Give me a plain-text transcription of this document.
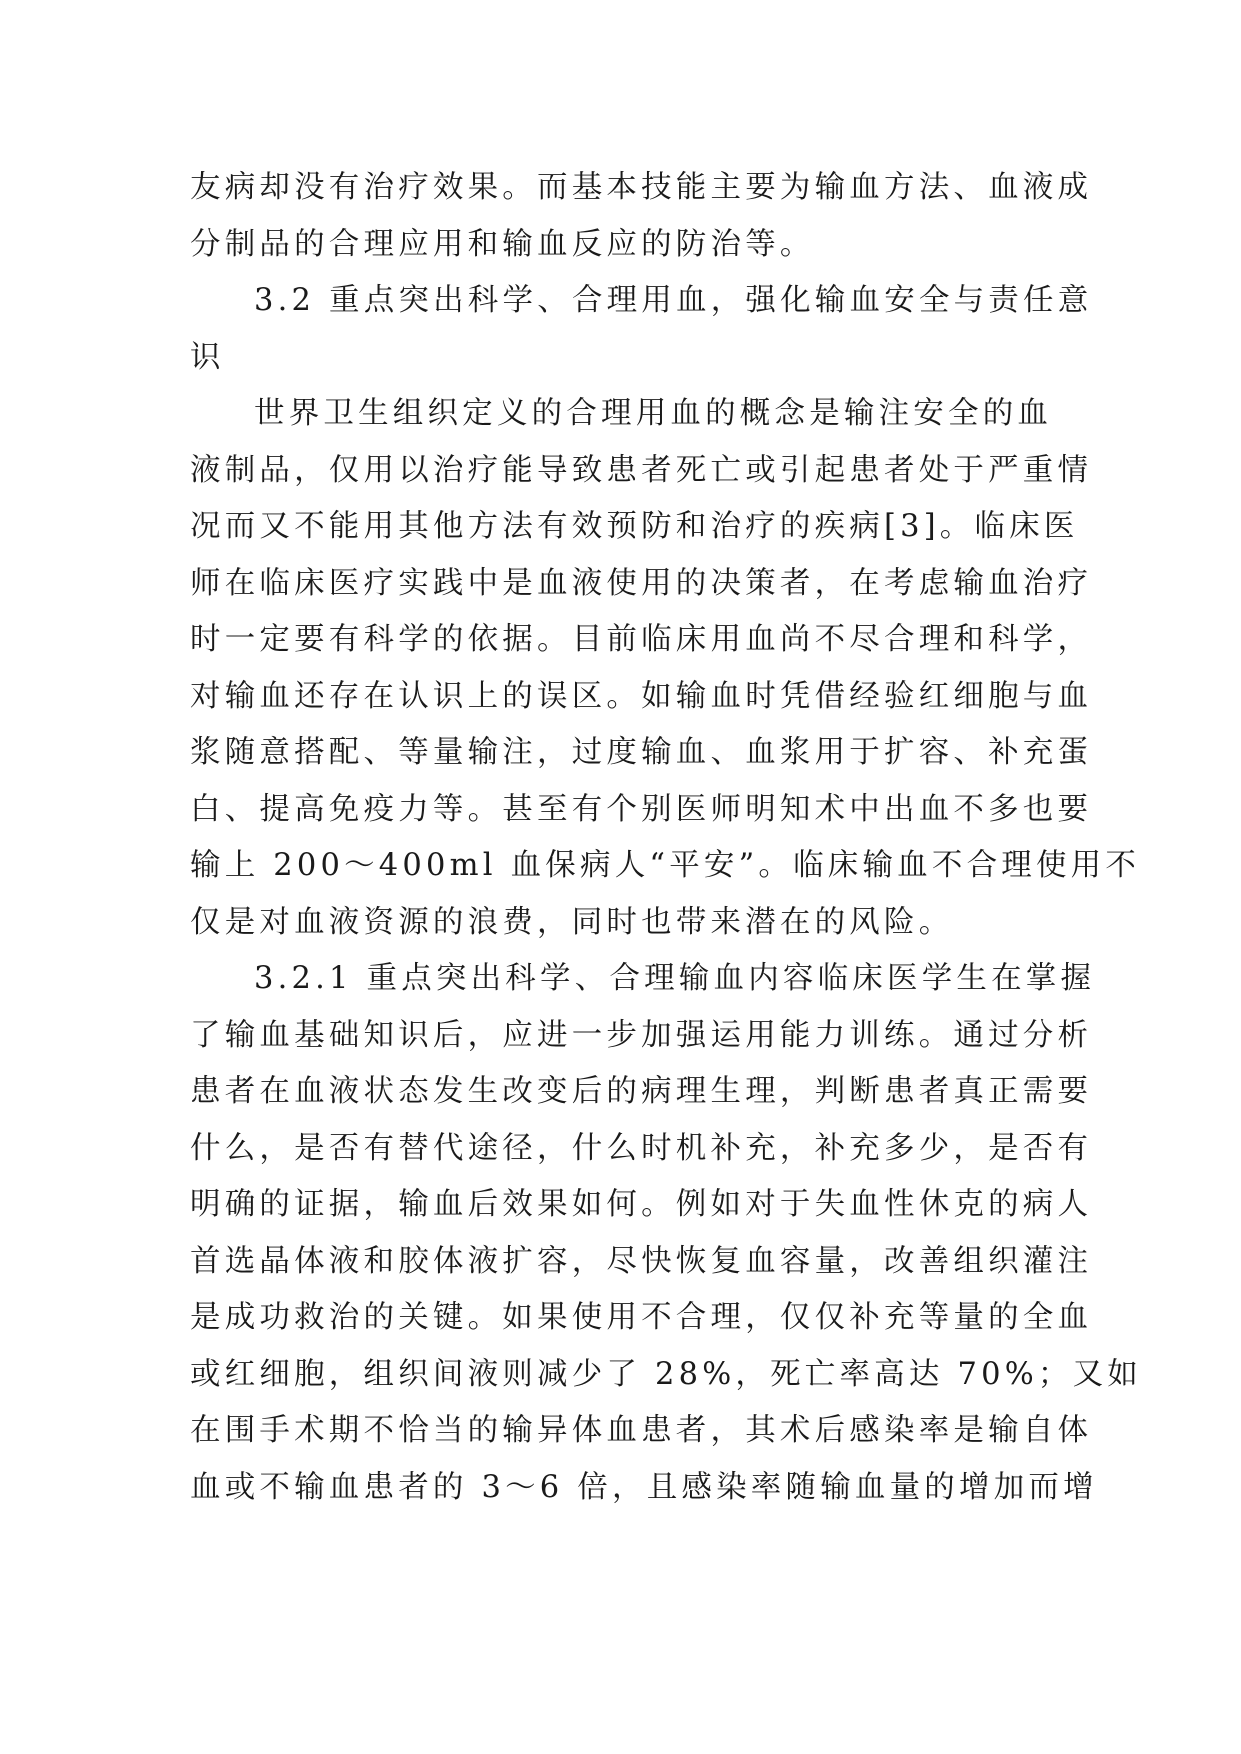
友病却没有治疗效果。而基本技能主要为输血方法、血液成
分制品的合理应用和输血反应的防治等。
3.2 重点突出科学、合理用血，强化输血安全与责任意
识
世界卫生组织定义的合理用血的概念是输注安全的血
液制品，仅用以治疗能导致患者死亡或引起患者处于严重情
况而又不能用其他方法有效预防和治疗的疾病[3]。临床医
师在临床医疗实践中是血液使用的决策者，在考虑输血治疗
时一定要有科学的依据。目前临床用血尚不尽合理和科学，
对输血还存在认识上的误区。如输血时凭借经验红细胞与血
浆随意搭配、等量输注，过度输血、血浆用于扩容、补充蛋
白、提高免疫力等。甚至有个别医师明知术中出血不多也要
输上 200～400ml 血保病人“平安”。临床输血不合理使用不
仅是对血液资源的浪费，同时也带来潜在的风险。
3.2.1 重点突出科学、合理输血内容临床医学生在掌握
了输血基础知识后，应进一步加强运用能力训练。通过分析
患者在血液状态发生改变后的病理生理，判断患者真正需要
什么，是否有替代途径，什么时机补充，补充多少，是否有
明确的证据，输血后效果如何。例如对于失血性休克的病人
首选晶体液和胶体液扩容，尽快恢复血容量，改善组织灌注
是成功救治的关键。如果使用不合理，仅仅补充等量的全血
或红细胞，组织间液则减少了 28%，死亡率高达 70%；又如
在围手术期不恰当的输异体血患者，其术后感染率是输自体
血或不输血患者的 3～6 倍，且感染率随输血量的增加而增
